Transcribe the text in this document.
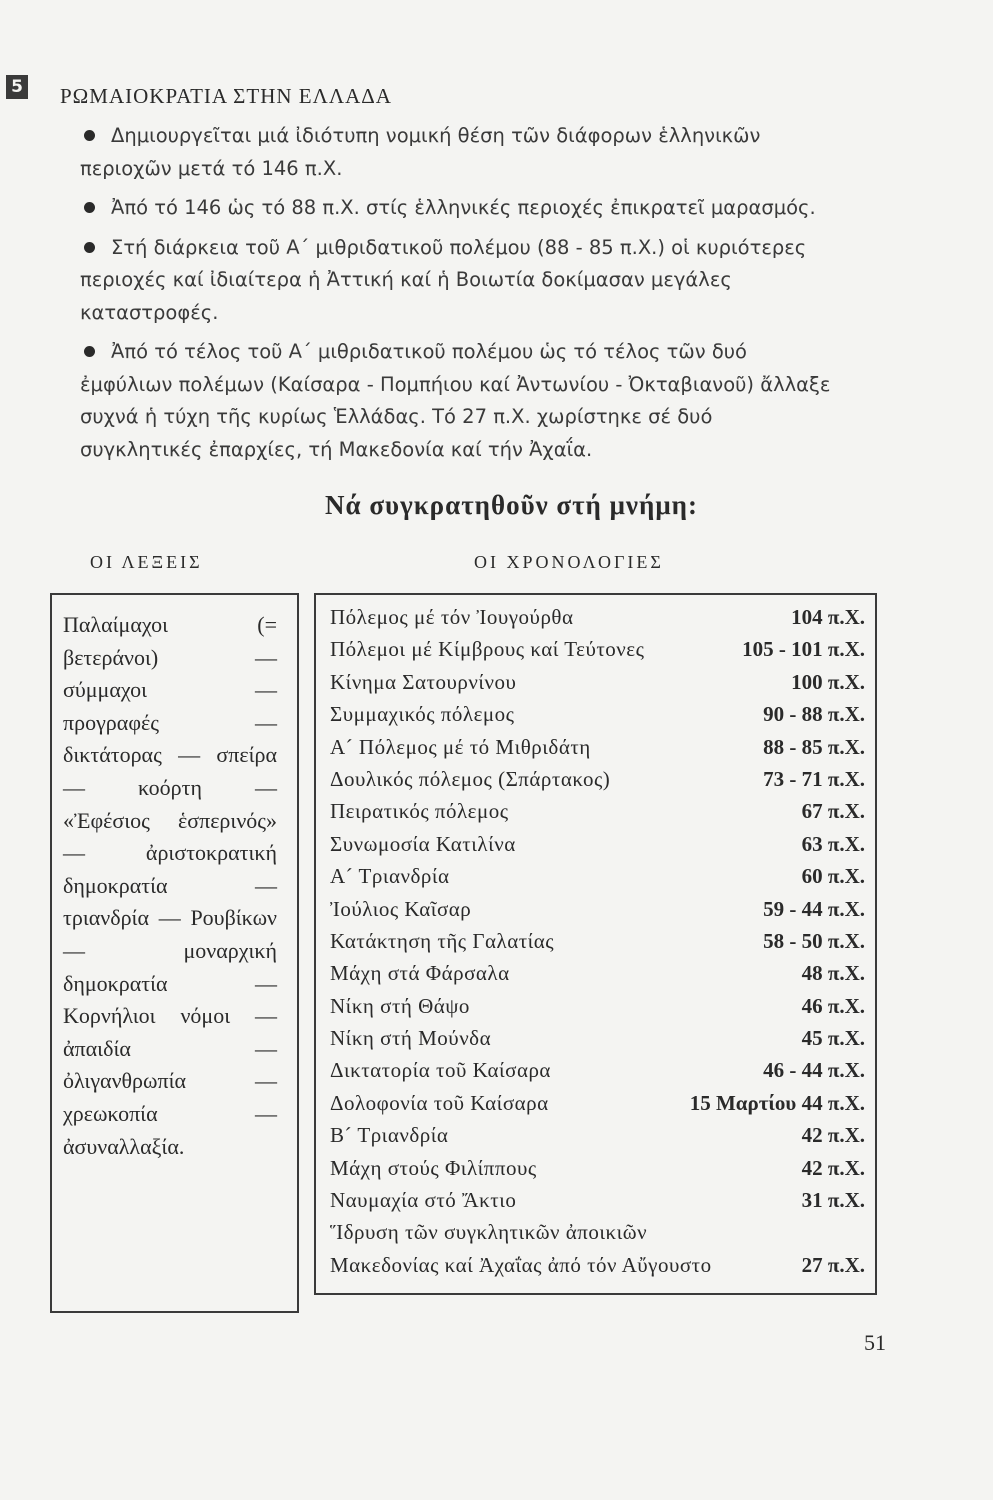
5 ΡΩΜΑΙΟΚΡΑΤΙΑ ΣΤΗΝ ΕΛΛΑΔΑ

Δημιουργεῖται μιά ἰδιότυπη νομική θέση τῶν διάφορων ἑλληνικῶν περιοχῶν μετά τό 146 π.Χ.

Ἀπό τό 146 ὡς τό 88 π.Χ. στίς ἑλληνικές περιοχές ἐπικρατεῖ μαρασμός.

Στή διάρκεια τοῦ Α´ μιθριδατικοῦ πολέμου (88 - 85 π.Χ.) οἱ κυριότερες περιοχές καί ἰδιαίτερα ἡ Ἀττική καί ἡ Βοιωτία δοκίμασαν μεγάλες καταστροφές.

Ἀπό τό τέλος τοῦ Α´ μιθριδατικοῦ πολέμου ὡς τό τέλος τῶν δυό ἐμφύλιων πολέμων (Καίσαρα - Πομπήιου καί Ἀντωνίου - Ὀκταβιανοῦ) ἄλλαξε συχνά ἡ τύχη τῆς κυρίως Ἑλλάδας. Τό 27 π.Χ. χωρίστηκε σέ δυό συγκλητικές ἐπαρχίες, τή Μακεδονία καί τήν Ἀχαΐα.

Νά συγκρατηθοῦν στή μνήμη:
ΟΙ ΛΕΞΕΙΣ	ΟΙ ΧΡΟΝΟΛΟΓΙΕΣ

Παλαίμαχοι (= βετεράνοι) — σύμμαχοι — προγραφές — δικτάτορας — σπείρα — κοόρτη — «Ἐφέσιος ἑσπερινός» — ἀριστοκρατική δημοκρατία — τριανδρία — Ρουβίκων — μοναρχική δημοκρατία — Κορνήλιοι νόμοι — ἀπαιδία — ὀλιγανθρωπία — χρεωκοπία — ἀσυναλλαξία.

Πόλεμος μέ τόν Ἰουγούρθα	104 π.Χ.
Πόλεμοι μέ Κίμβρους καί Τεύτονες	105 - 101 π.Χ.
Κίνημα Σατουρνίνου	100 π.Χ.
Συμμαχικός πόλεμος	90 - 88 π.Χ.
Α´ Πόλεμος μέ τό Μιθριδάτη	88 - 85 π.Χ.
Δουλικός πόλεμος (Σπάρτακος)	73 - 71 π.Χ.
Πειρατικός πόλεμος	67 π.Χ.
Συνωμοσία Κατιλίνα	63 π.Χ.
Α´ Τριανδρία	60 π.Χ.
Ἰούλιος Καῖσαρ	59 - 44 π.Χ.
Κατάκτηση τῆς Γαλατίας	58 - 50 π.Χ.
Μάχη στά Φάρσαλα	48 π.Χ.
Νίκη στή Θάψο	46 π.Χ.
Νίκη στή Μούνδα	45 π.Χ.
Δικτατορία τοῦ Καίσαρα	46 - 44 π.Χ.
Δολοφονία τοῦ Καίσαρα	15 Μαρτίου 44 π.Χ.
Β´ Τριανδρία	42 π.Χ.
Μάχη στούς Φιλίππους	42 π.Χ.
Ναυμαχία στό Ἄκτιο	31 π.Χ.
Ἵδρυση τῶν συγκλητικῶν ἀποικιῶν
Μακεδονίας καί Ἀχαΐας ἀπό τόν Αὔγουστο	27 π.Χ.
51
